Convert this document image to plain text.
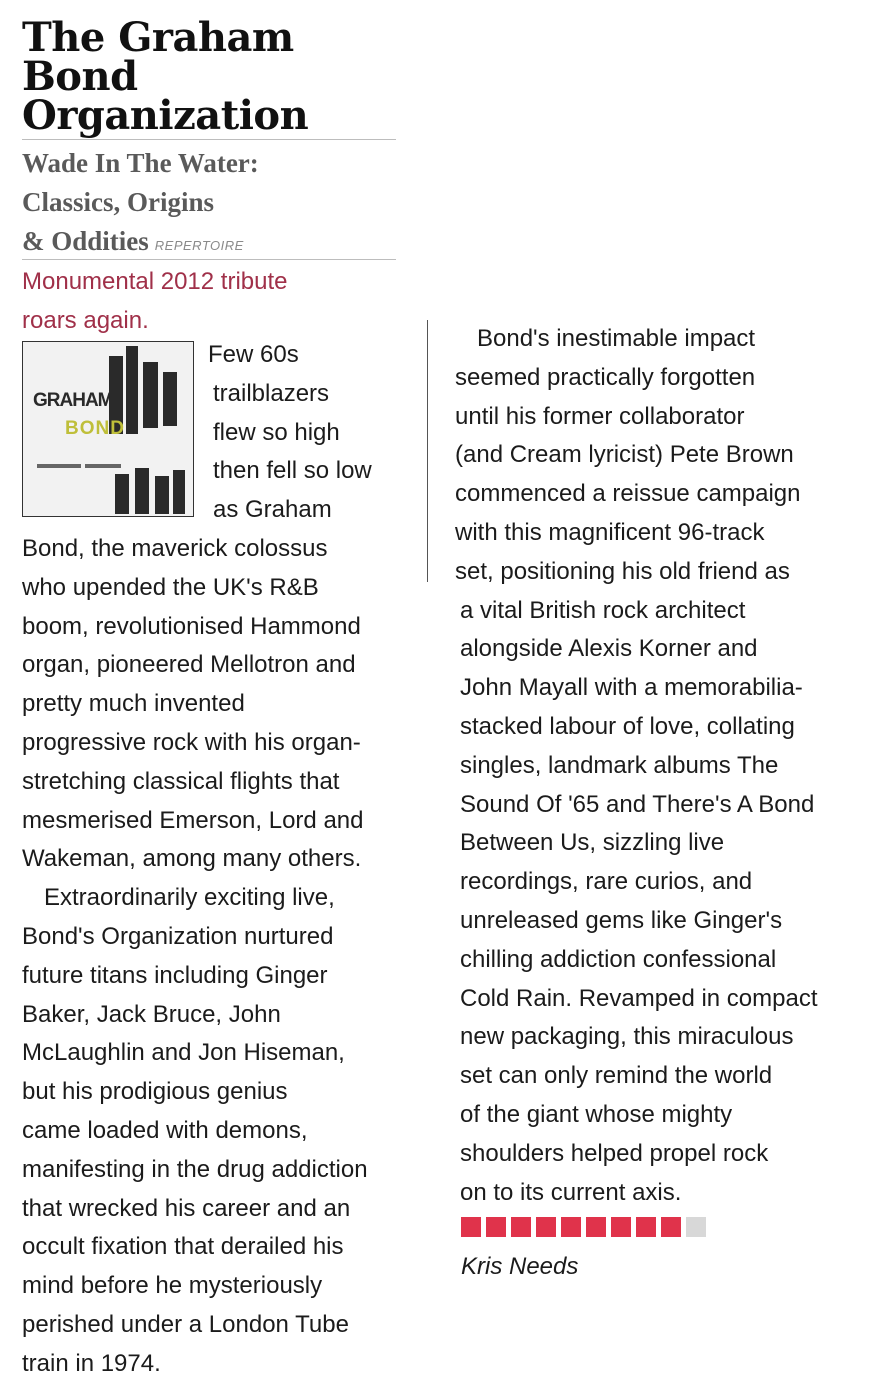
The Graham Bond Organization
Wade In The Water:
Classics, Origins
& Oddities REPERTOIRE
Monumental 2012 tribute
roars again.
GRAHAM
BOND
Few 60s
trailblazers
flew so high
then fell so low
as Graham
Bond, the maverick colossus
who upended the UK's R&B
boom, revolutionised Hammond
organ, pioneered Mellotron and
pretty much invented
progressive rock with his organ-
stretching classical flights that
mesmerised Emerson, Lord and
Wakeman, among many others.
Extraordinarily exciting live,
Bond's Organization nurtured
future titans including Ginger
Baker, Jack Bruce, John
McLaughlin and Jon Hiseman,
but his prodigious genius
came loaded with demons,
manifesting in the drug addiction
that wrecked his career and an
occult fixation that derailed his
mind before he mysteriously
perished under a London Tube
train in 1974.
Bond's inestimable impact
seemed practically forgotten
until his former collaborator
(and Cream lyricist) Pete Brown
commenced a reissue campaign
with this magnificent 96-track
set, positioning his old friend as
a vital British rock architect
alongside Alexis Korner and
John Mayall with a memorabilia-
stacked labour of love, collating
singles, landmark albums The
Sound Of '65 and There's A Bond
Between Us, sizzling live
recordings, rare curios, and
unreleased gems like Ginger's
chilling addiction confessional
Cold Rain. Revamped in compact
new packaging, this miraculous
set can only remind the world
of the giant whose mighty
shoulders helped propel rock
on to its current axis.
Kris Needs
